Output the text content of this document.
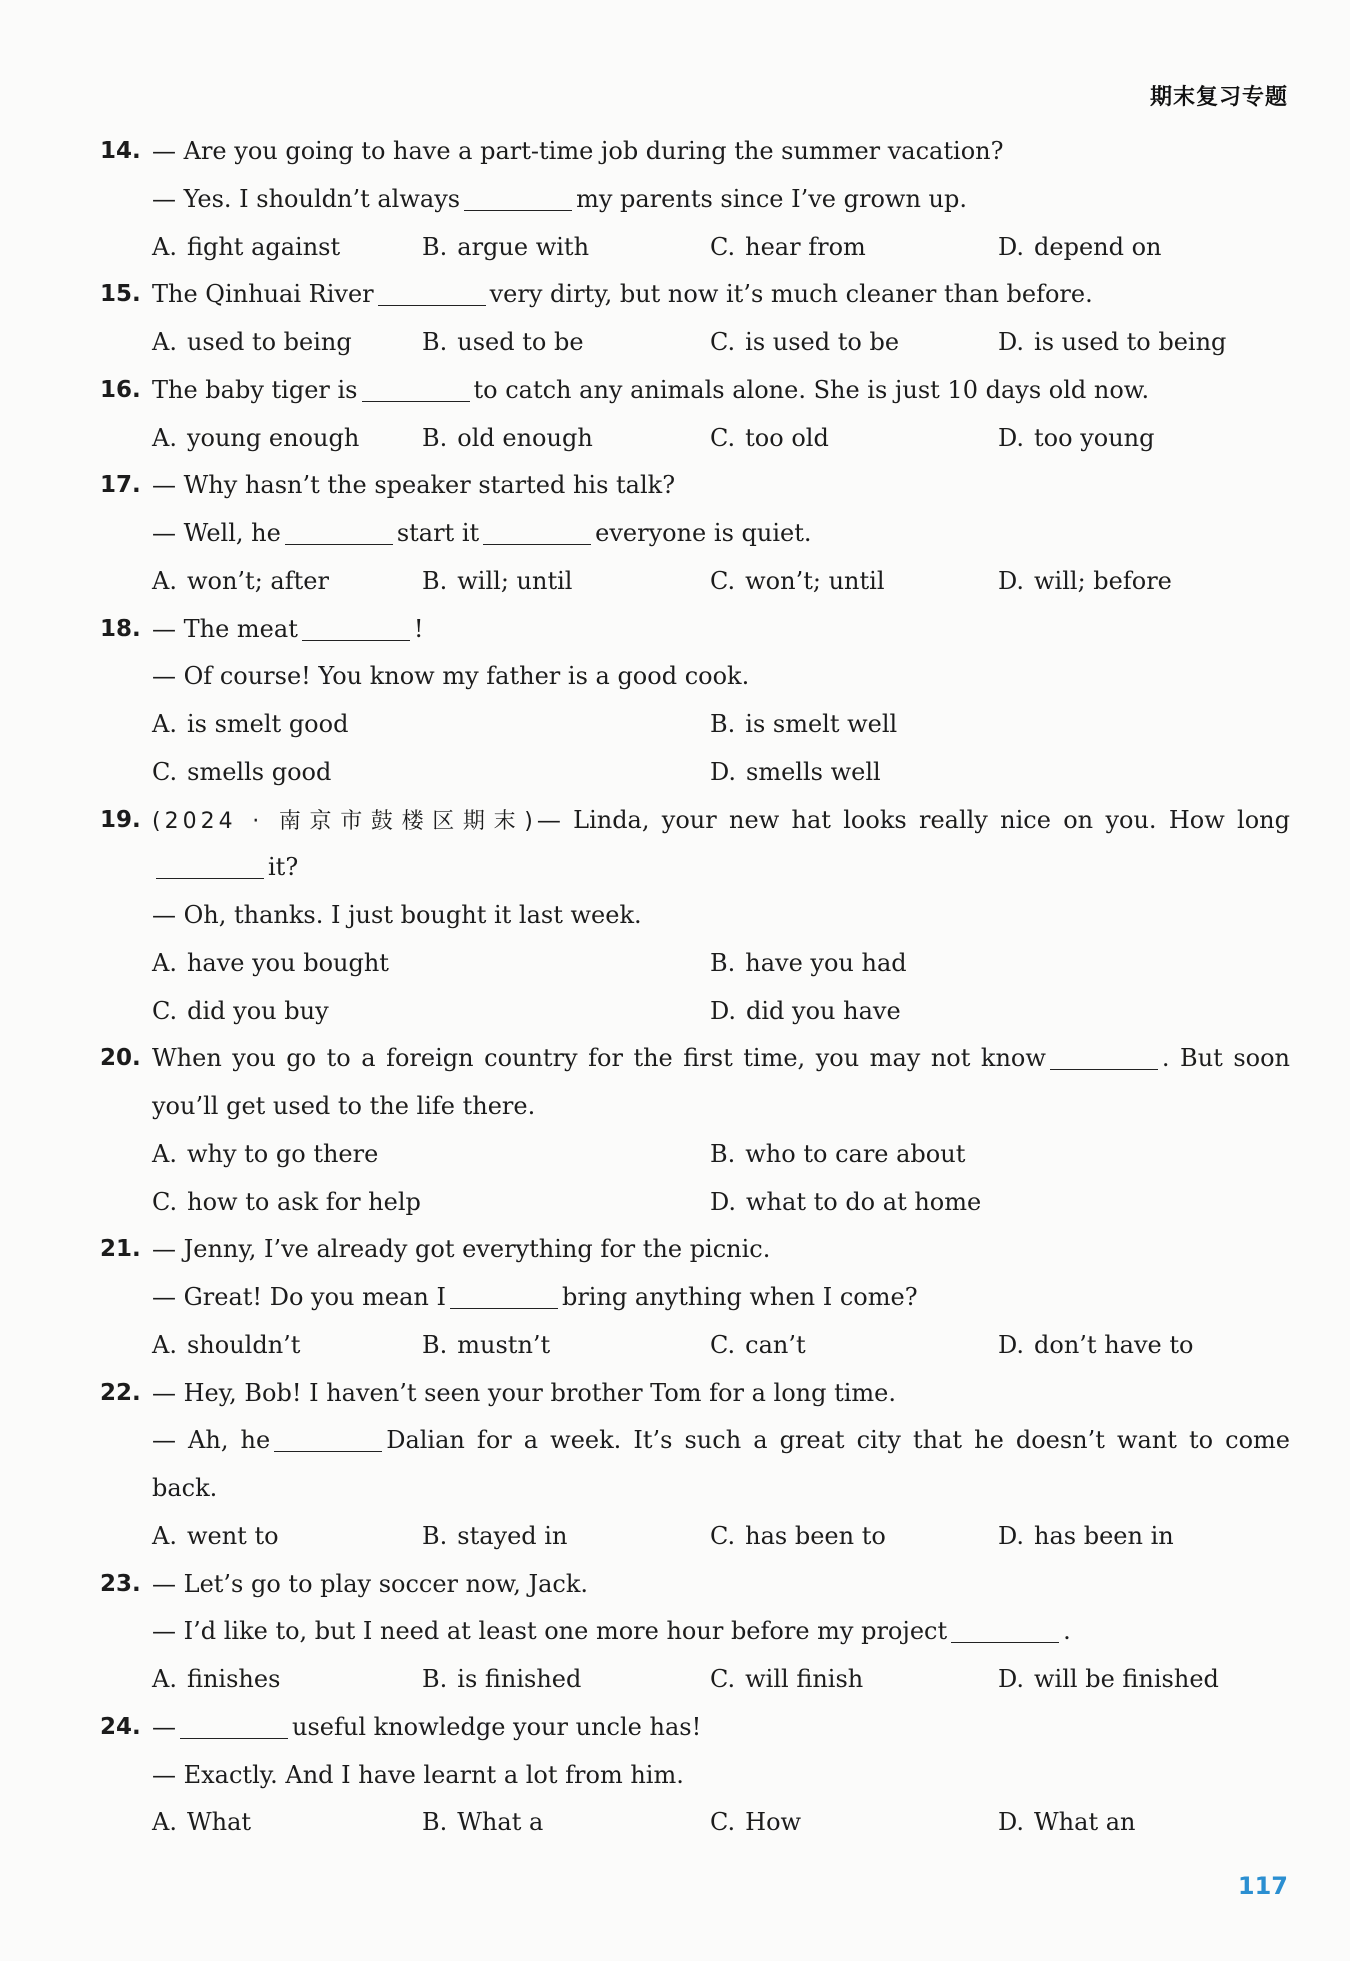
期末复习专题
14. — Are you going to have a part-time job during the summer vacation?
— Yes. I shouldn’t always	my parents since I’ve grown up.
A. fight against	B. argue with	C. hear from	D. depend on
15. The Qinhuai River	very dirty, but now it’s much cleaner than before.
A. used to being	B. used to be	C. is used to be	D. is used to being
16. The baby tiger is	to catch any animals alone. She is just 10 days old now.
A. young enough	B. old enough	C. too old	D. too young
17. — Why hasn’t the speaker started his talk?
— Well, he	start it	everyone is quiet.
A. won’t; after	B. will; until	C. won’t; until	D. will; before
18. — The meat	!
— Of course! You know my father is a good cook.
A. is smelt good	B. is smelt well
C. smells good	D. smells well
19. (2024 · 南京市鼓楼区期末)— Linda, your new hat looks really nice on you. How long
it?
— Oh, thanks. I just bought it last week.
A. have you bought	B. have you had
C. did you buy	D. did you have
20. When you go to a foreign country for the first time, you may not know	. But soon
you’ll get used to the life there.
A. why to go there	B. who to care about
C. how to ask for help	D. what to do at home
21. — Jenny, I’ve already got everything for the picnic.
— Great! Do you mean I	bring anything when I come?
A. shouldn’t	B. mustn’t	C. can’t	D. don’t have to
22. — Hey, Bob! I haven’t seen your brother Tom for a long time.
— Ah, he	Dalian for a week. It’s such a great city that he doesn’t want to come
back.
A. went to	B. stayed in	C. has been to	D. has been in
23. — Let’s go to play soccer now, Jack.
— I’d like to, but I need at least one more hour before my project	.
A. finishes	B. is finished	C. will finish	D. will be finished
24. —	useful knowledge your uncle has!
— Exactly. And I have learnt a lot from him.
A. What	B. What a	C. How	D. What an
117
